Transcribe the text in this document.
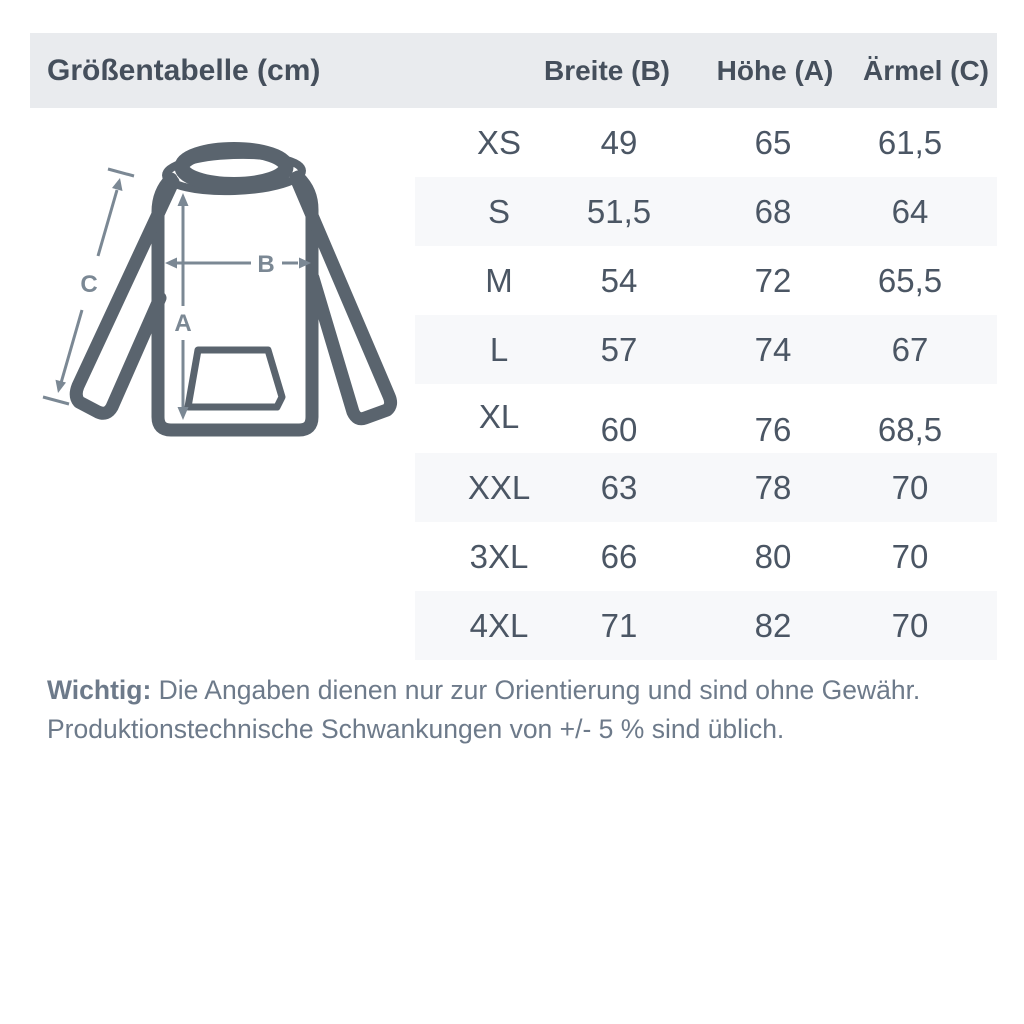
Größentabelle (cm)	Breite (B) Höhe (A) Ärmel (C)
A
B
C
XS 49	65	61,5
S 51,5	68	64
M	54	72	65,5
L	57	74	67
XL 60	76	68,5
XXL 63	78	70
3XL 66	80	70
4XL 71	82	70
Wichtig: Die Angaben dienen nur zur Orientierung und sind ohne Gewähr.
Produktionstechnische Schwankungen von +/- 5 % sind üblich.
